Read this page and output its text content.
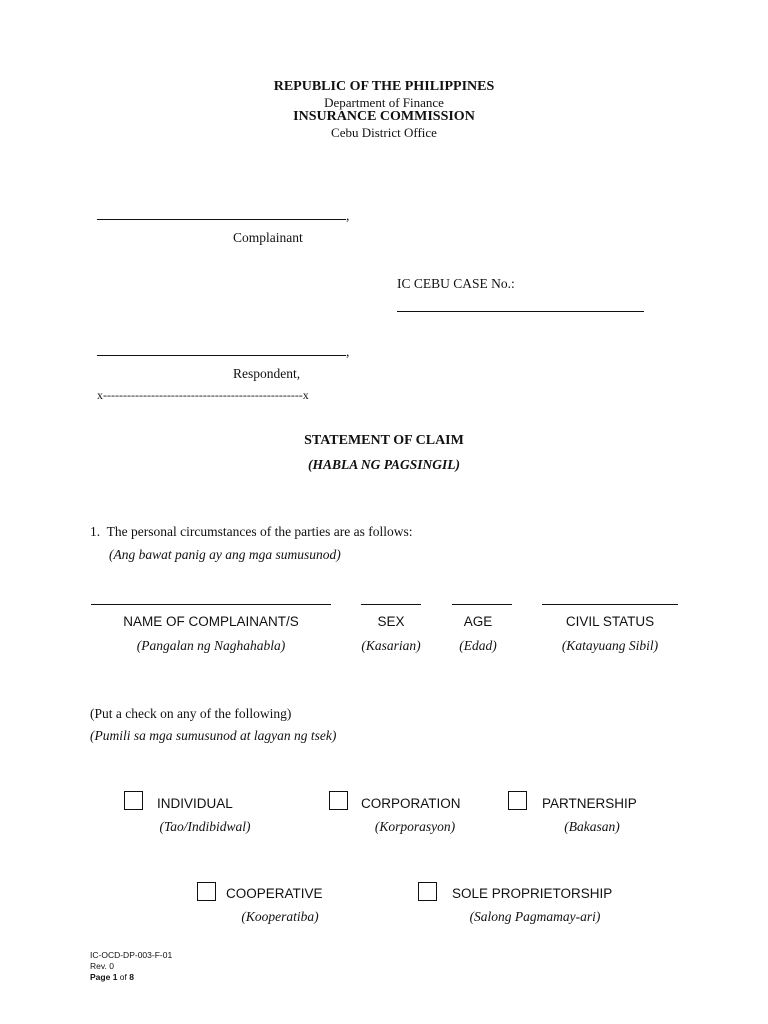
REPUBLIC OF THE PHILIPPINES
Department of Finance
INSURANCE COMMISSION
Cebu District Office
,
Complainant
IC CEBU CASE No.:
,
Respondent,
x--------------------------------------------------x
STATEMENT OF CLAIM
(HABLA NG PAGSINGIL)
1.  The personal circumstances of the parties are as follows:
(Ang bawat panig ay ang mga sumusunod)
NAME OF COMPLAINANT/S
(Pangalan ng Naghahabla)
SEX
(Kasarian)
AGE
(Edad)
CIVIL STATUS
(Katayuang Sibil)
(Put a check on any of the following)
(Pumili sa mga sumusunod at lagyan ng tsek)
INDIVIDUAL
(Tao/Indibidwal)
CORPORATION
(Korporasyon)
PARTNERSHIP
(Bakasan)
COOPERATIVE
(Kooperatiba)
SOLE PROPRIETORSHIP
(Salong Pagmamay-ari)
IC-OCD-DP-003-F-01
Rev. 0
Page 1 of 8
